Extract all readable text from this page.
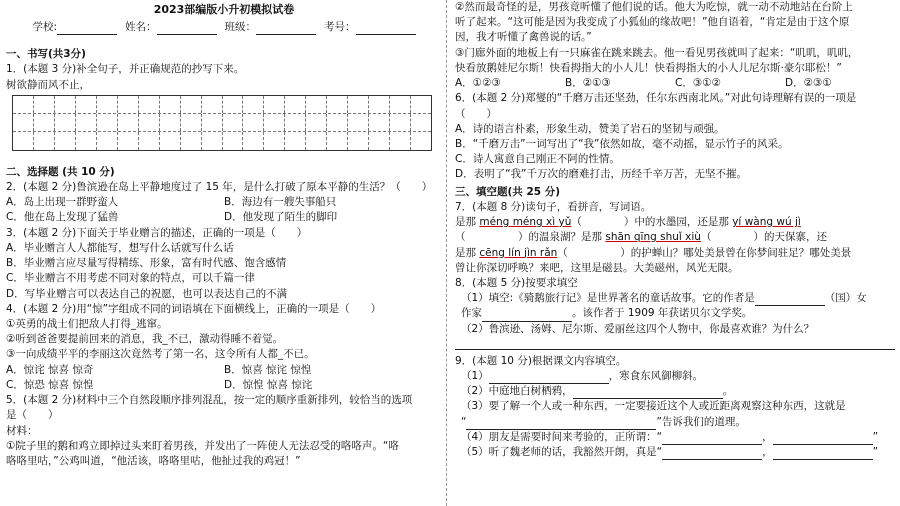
2023部编版小升初模拟试卷
学校:	姓名：	班级：	考号：
一、书写(共3分)
1．(本题 3 分)补全句子，并正确规范的抄写下来。
树欲静而风不止，
二、选择题 (共 10 分)
2．(本题 2 分)鲁滨逊在岛上平静地度过了 15 年，是什么打破了原本平静的生活？（　　）
A．岛上出现一群野蛮人	B．海边有一艘失事船只
C．他在岛上发现了猛兽	D．他发现了陌生的脚印
3．(本题 2 分)下面关于毕业赠言的描述，正确的一项是（　　）
A．毕业赠言人人都能写，想写什么话就写什么话
B．毕业赠言应尽量写得精练、形象，富有时代感、饱含感情
C．毕业赠言不用考虑不同对象的特点，可以千篇一律
D．写毕业赠言可以表达自己的祝愿，也可以表达自己的不满
4．(本题 2 分)用“惊”字组成不同的词语填在下面横线上，正确的一项是（　　）
①英勇的战士们把敌人打得_逃窜。
②听到爸爸要提前回来的消息，我_不已，激动得睡不着觉。
③一向成绩平平的李丽这次竟然考了第一名，这令所有人都_不已。
A．惊诧 惊喜 惊奇	B．惊喜 惊诧 惊惶
C．惊恐 惊喜 惊惶	D．惊惶 惊喜 惊诧
5．(本题 2 分)材料中三个自然段顺序排列混乱，按一定的顺序重新排列，较恰当的选项
是（　　）
材料：
①院子里的鹅和鸡立即掉过头来盯着男孩，并发出了一阵使人无法忍受的咯咯声。“咯
咯咯里咕，”公鸡叫道，“他活该，咯咯里咕，他扯过我的鸡冠！”
②然而最奇怪的是，男孩竟听懂了他们说的话。他大为吃惊，就一动不动地站在台阶上
听了起来。“这可能是因为我变成了小狐仙的缘故吧！”他自语着，“肯定是由于这个原
因，我才听懂了禽兽说的话。”
③门廊外面的地板上有一只麻雀在跳来跳去。他一看见男孩就叫了起来：“叽叽，叽叽，
快看放鹅娃尼尔斯！快看拇指大的小人儿！快看拇指大的小人儿尼尔斯·豪尔耶松！”
A．①②③	B．②①③	C．③①②	D．②③①
6．(本题 2 分)郑燮的“千磨万击还坚劲，任尔东西南北风。”对此句诗理解有误的一项是
（　　）
A．诗的语言朴素，形象生动，赞美了岩石的坚韧与顽强。
B．“千磨万击”一词写出了“我”依然如故，毫不动摇，显示竹子的风采。
C．诗人寓意自己刚正不阿的性情。
D．表明了“我”千万次的磨难打击，历经千辛万苦，无坚不摧。
三、填空题(共 25 分)
7．(本题 8 分)读句子，看拼音，写词语。
是那 méng méng xì yǔ（　　　　）中的水墨园，还是那 yí wàng wú jì
（　　　　　）的温泉湖？是那 shān qīng shuǐ xiù（　　　　）的天保寨，还
是那 cēng lín jìn rǎn（　　　　　）的护蝉山？哪处美景曾在你梦间驻足？哪处美景
曾让你深切呼唤？来吧，这里是磁县。大美磁州，风光无限。
8．(本题 5 分)按要求填空
（1）填空:《骑鹅旅行记》是世界著名的童话故事。它的作者是	（国）女
作家	。该作者于 1909 年获诺贝尔文学奖。
（2）鲁滨逊、汤姆、尼尔斯、爱丽丝这四个人物中，你最喜欢谁？为什么？
9．(本题 10 分)根据课文内容填空。
（1）	，寒食东风御柳斜。
（2）中庭地白树栖鸦，	。
（3）要了解一个人或一种东西，一定要接近这个人或近距离观察这种东西，这就是
“	”告诉我们的道理。
（4）朋友是需要时间来考验的，正所谓：“	，	”
（5）听了魏老师的话，我豁然开朗，真是“	，	”
